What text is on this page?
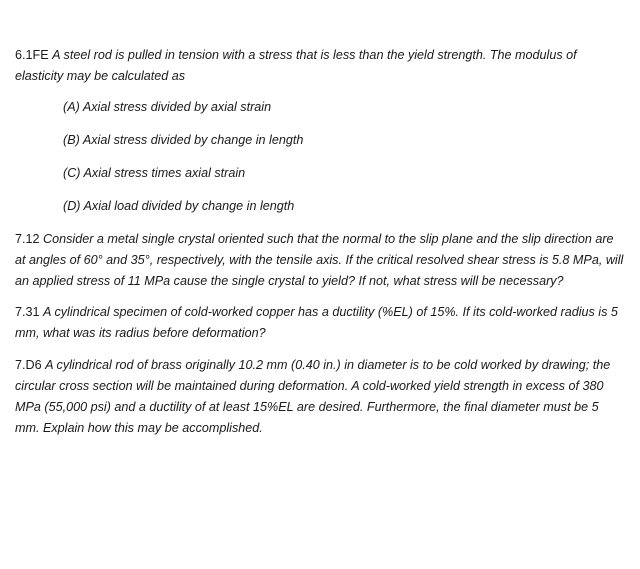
6.1FE A steel rod is pulled in tension with a stress that is less than the yield strength. The modulus of elasticity may be calculated as

(A) Axial stress divided by axial strain
(B) Axial stress divided by change in length
(C) Axial stress times axial strain
(D) Axial load divided by change in length

7.12 Consider a metal single crystal oriented such that the normal to the slip plane and the slip direction are at angles of 60° and 35°, respectively, with the tensile axis. If the critical resolved shear stress is 5.8 MPa, will an applied stress of 11 MPa cause the single crystal to yield? If not, what stress will be necessary?

7.31 A cylindrical specimen of cold-worked copper has a ductility (%EL) of 15%. If its cold-worked radius is 5 mm, what was its radius before deformation?

7.D6 A cylindrical rod of brass originally 10.2 mm (0.40 in.) in diameter is to be cold worked by drawing; the circular cross section will be maintained during deformation. A cold-worked yield strength in excess of 380 MPa (55,000 psi) and a ductility of at least 15%EL are desired. Furthermore, the final diameter must be 5 mm. Explain how this may be accomplished.
